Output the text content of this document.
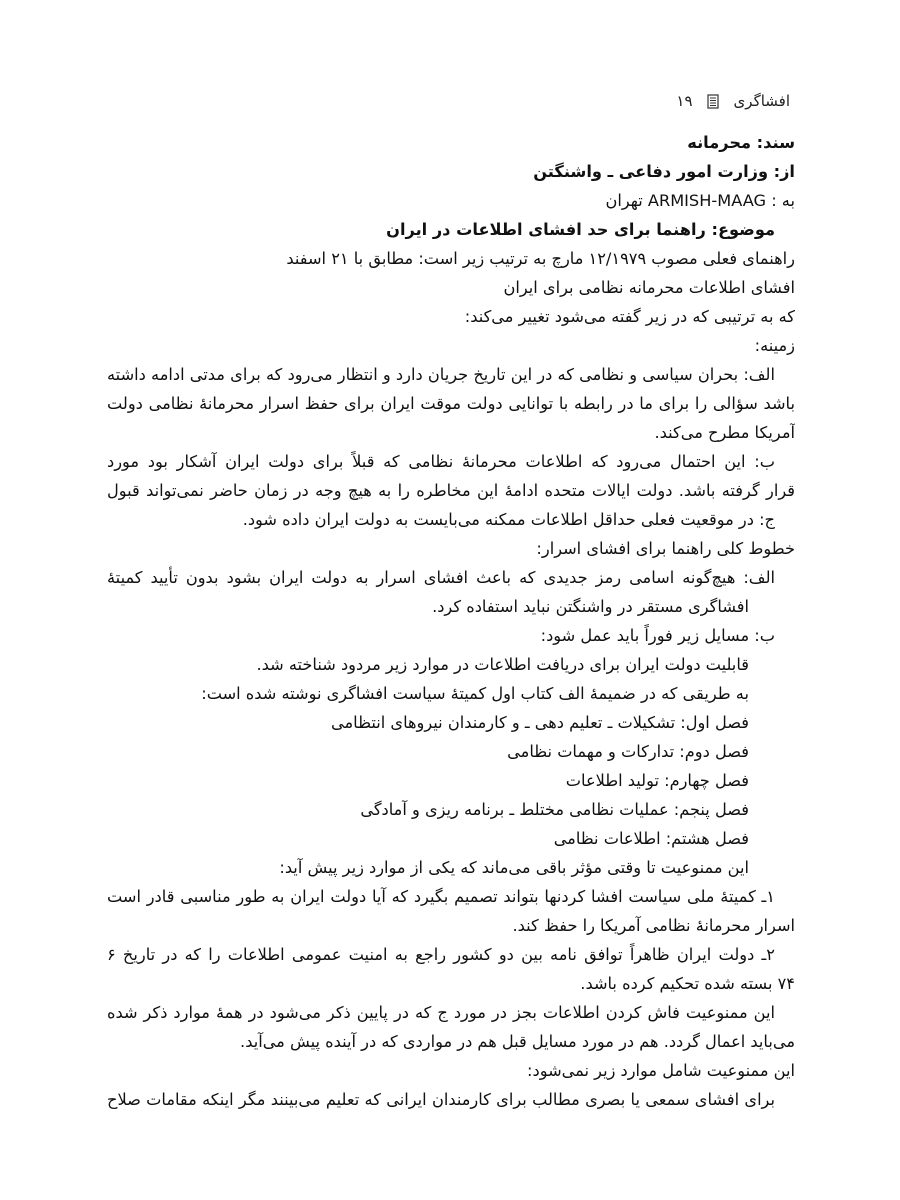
افشاگری
۱۹
سند: محرمانه
از: وزارت امور دفاعی ـ واشنگتن
به : ARMISH-MAAG تهران
موضوع: راهنما برای حد افشای اطلاعات در ایران
راهنمای فعلی مصوب ۱۲/۱۹۷۹ مارچ به ترتیب زیر است: مطابق با ۲۱ اسفند
افشای اطلاعات محرمانه نظامی برای ایران
که به ترتیبی که در زیر گفته می‌شود تغییر می‌کند:
زمینه:
الف: بحران سیاسی و نظامی که در این تاریخ جریان دارد و انتظار می‌رود که برای مدتی ادامه داشته
باشد سؤالی را برای ما در رابطه با توانایی دولت موقت ایران برای حفظ اسرار محرمانهٔ نظامی دولت
آمریکا مطرح می‌کند.
ب: این احتمال می‌رود که اطلاعات محرمانهٔ نظامی که قبلاً برای دولت ایران آشکار بود مورد
قرار گرفته باشد. دولت ایالات متحده ادامهٔ این مخاطره را به هیچ وجه در زمان حاضر نمی‌تواند قبول
ج: در موقعیت فعلی حداقل اطلاعات ممکنه می‌بایست به دولت ایران داده شود.
خطوط کلی راهنما برای افشای اسرار:
الف: هیچ‌گونه اسامی رمز جدیدی که باعث افشای اسرار به دولت ایران بشود بدون تأیید کمیتهٔ
افشاگری مستقر در واشنگتن نباید استفاده کرد.
ب: مسایل زیر فوراً باید عمل شود:
قابلیت دولت ایران برای دریافت اطلاعات در موارد زیر مردود شناخته شد.
به طریقی که در ضمیمهٔ الف کتاب اول کمیتهٔ سیاست افشاگری نوشته شده است:
فصل اول: تشکیلات ـ تعلیم دهی ـ و کارمندان نیروهای انتظامی
فصل دوم: تدارکات و مهمات نظامی
فصل چهارم: تولید اطلاعات
فصل پنجم: عملیات نظامی مختلط ـ برنامه ریزی و آمادگی
فصل هشتم: اطلاعات نظامی
این ممنوعیت تا وقتی مؤثر باقی می‌ماند که یکی از موارد زیر پیش آید:
۱ـ کمیتهٔ ملی سیاست افشا کردنها بتواند تصمیم بگیرد که آیا دولت ایران به طور مناسبی قادر است
اسرار محرمانهٔ نظامی آمریکا را حفظ کند.
۲ـ دولت ایران ظاهراً توافق نامه بین دو کشور راجع به امنیت عمومی اطلاعات را که در تاریخ ۶
۷۴ بسته شده تحکیم کرده باشد.
این ممنوعیت فاش کردن اطلاعات بجز در مورد ج که در پایین ذکر می‌شود در همهٔ موارد ذکر شده
می‌باید اعمال گردد. هم در مورد مسایل قبل هم در مواردی که در آینده پیش می‌آید.
این ممنوعیت شامل موارد زیر نمی‌شود:
برای افشای سمعی یا بصری مطالب برای کارمندان ایرانی که تعلیم می‌بینند مگر اینکه مقامات صلاح
